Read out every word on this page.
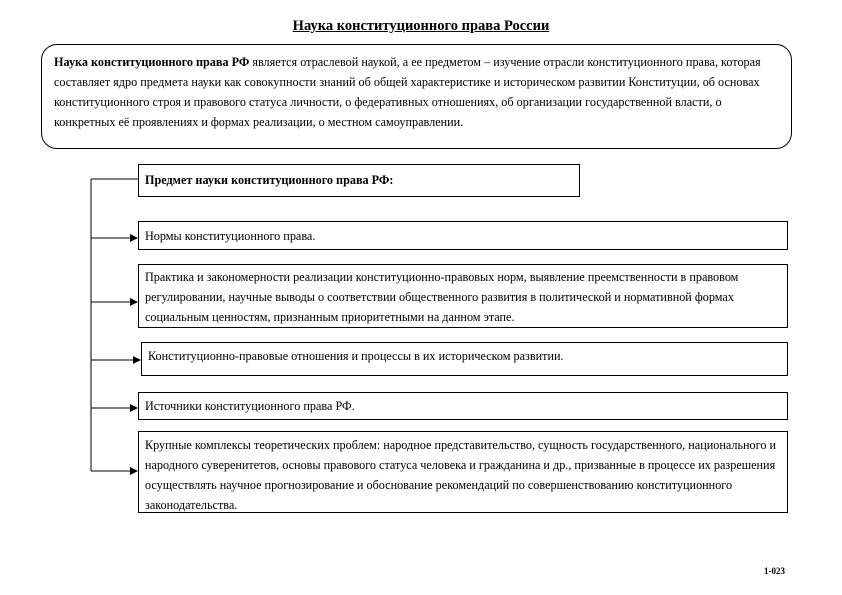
Наука конституционного права России
Наука конституционного права РФ является отраслевой наукой, а ее предметом – изучение отрасли конституционного права, которая составляет ядро предмета науки как совокупности знаний об общей характеристике и историческом развитии Конституции, об основах конституционного строя и правового статуса личности, о федеративных отношениях, об организации государственной власти, о конкретных её проявлениях и формах реализации, о местном самоуправлении.
Предмет науки конституционного права РФ:
Нормы конституционного права.
Практика и закономерности реализации конституционно-правовых норм, выявление преемственности в правовом регулировании, научные выводы о соответствии общественного развития в политической и нормативной формах социальным ценностям, признанным приоритетными на данном этапе.
Конституционно-правовые отношения и процессы в их историческом развитии.
Источники конституционного права РФ.
Крупные комплексы теоретических проблем: народное представительство, сущность государственного, национального и народного суверенитетов, основы правового статуса человека и гражданина и др., призванные в процессе их разрешения осуществлять научное прогнозирование и обоснование рекомендаций по совершенствованию конституционного законодательства.
1-023
